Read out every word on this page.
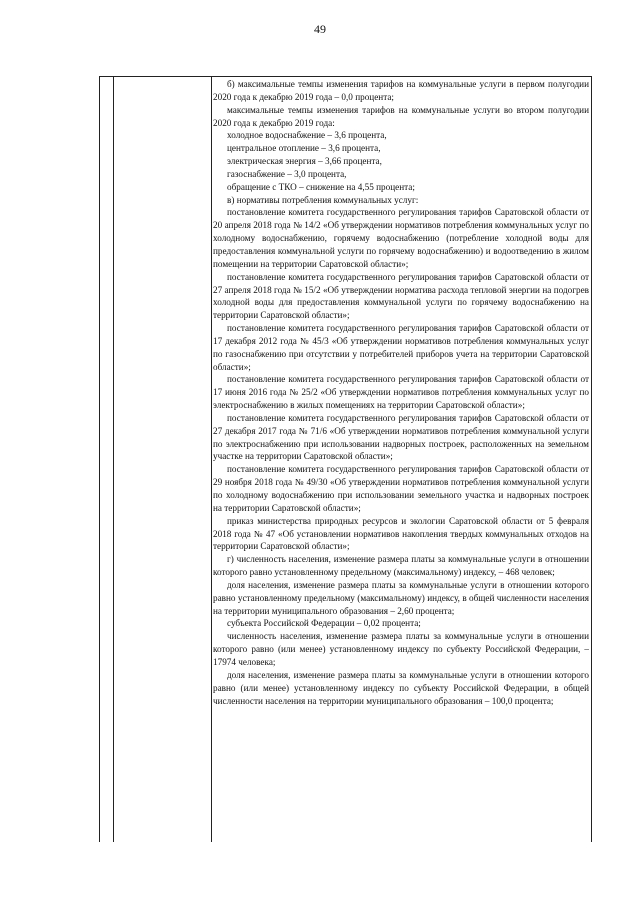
49

б) максимальные темпы изменения тарифов на коммунальные услуги в первом полугодии 2020 года к декабрю 2019 года – 0,0 процента;

максимальные темпы изменения тарифов на коммунальные услуги во втором полугодии 2020 года к декабрю 2019 года:

холодное водоснабжение – 3,6 процента,

центральное отопление – 3,6 процента,

электрическая энергия – 3,66 процента,

газоснабжение – 3,0 процента,

обращение с ТКО – снижение на 4,55 процента;

в) нормативы потребления коммунальных услуг:

постановление комитета государственного регулирования тарифов Саратовской области от 20 апреля 2018 года № 14/2 «Об утверждении нормативов потребления коммунальных услуг по холодному водоснабжению, горячему водоснабжению (потребление холодной воды для предоставления коммунальной услуги по горячему водоснабжению) и водоотведению в жилом помещении на территории Саратовской области»;

постановление комитета государственного регулирования тарифов Саратовской области от 27 апреля 2018 года № 15/2 «Об утверждении норматива расхода тепловой энергии на подогрев холодной воды для предоставления коммунальной услуги по горячему водоснабжению на территории Саратовской области»;

постановление комитета государственного регулирования тарифов Саратовской области от 17 декабря 2012 года № 45/3 «Об утверждении нормативов потребления коммунальных услуг по газоснабжению при отсутствии у потребителей приборов учета на территории Саратовской области»;

постановление комитета государственного регулирования тарифов Саратовской области от 17 июня 2016 года № 25/2 «Об утверждении нормативов потребления коммунальных услуг по электроснабжению в жилых помещениях на территории Саратовской области»;

постановление комитета государственного регулирования тарифов Саратовской области от 27 декабря 2017 года № 71/6 «Об утверждении нормативов потребления коммунальной услуги по электроснабжению при использовании надворных построек, расположенных на земельном участке на территории Саратовской области»;

постановление комитета государственного регулирования тарифов Саратовской области от 29 ноября 2018 года № 49/30 «Об утверждении нормативов потребления коммунальной услуги по холодному водоснабжению при использовании земельного участка и надворных построек на территории Саратовской области»;

приказ министерства природных ресурсов и экологии Саратовской области от 5 февраля 2018 года № 47 «Об установлении нормативов накопления твердых коммунальных отходов на территории Саратовской области»;

г) численность населения, изменение размера платы за коммунальные услуги в отношении которого равно установленному предельному (максимальному) индексу, – 468 человек;

доля населения, изменение размера платы за коммунальные услуги в отношении которого равно установленному предельному (максимальному) индексу, в общей численности населения на территории муниципального образования – 2,60 процента;

субъекта Российской Федерации – 0,02 процента;

численность населения, изменение размера платы за коммунальные услуги в отношении которого равно (или менее) установленному индексу по субъекту Российской Федерации, – 17974 человека;

доля населения, изменение размера платы за коммунальные услуги в отношении которого равно (или менее) установленному индексу по субъекту Российской Федерации, в общей численности населения на территории муниципального образования – 100,0 процента;
